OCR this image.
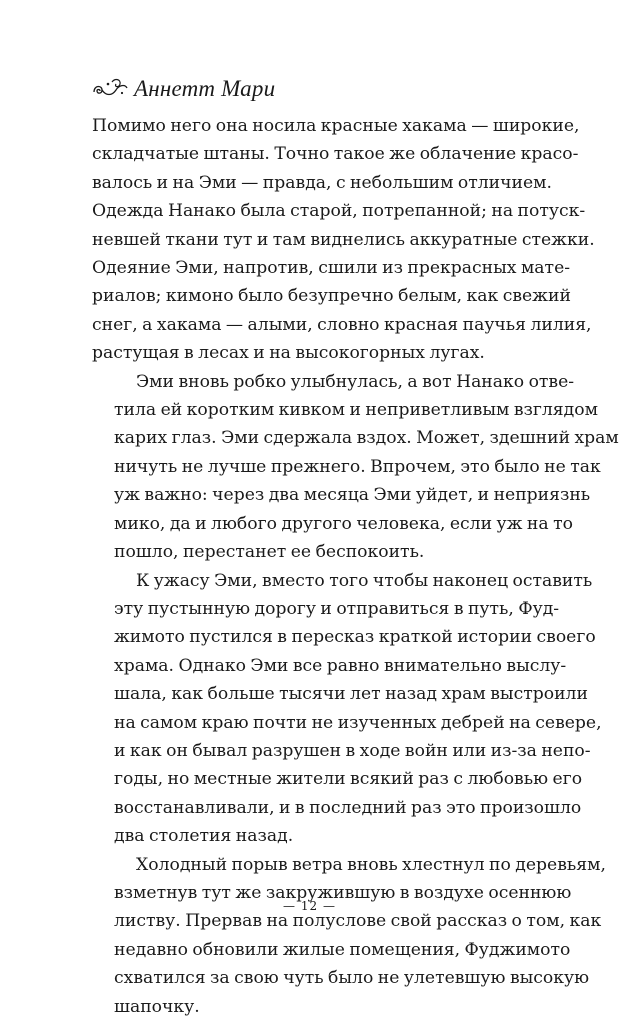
Аннетт Мари
Помимо него она носила красные хакама — широкие,
складчатые штаны. Точно такое же облачение красо-
валось и на Эми — правда, с небольшим отличием.
Одежда Нанако была старой, потрепанной; на потуск-
невшей ткани тут и там виднелись аккуратные стежки.
Одеяние Эми, напротив, сшили из прекрасных мате-
риалов; кимоно было безупречно белым, как свежий
снег, а хакама — алыми, словно красная паучья лилия,
растущая в лесах и на высокогорных лугах.
Эми вновь робко улыбнулась, а вот Нанако отве-
тила ей коротким кивком и неприветливым взглядом
карих глаз. Эми сдержала вздох. Может, здешний храм
ничуть не лучше прежнего. Впрочем, это было не так
уж важно: через два месяца Эми уйдет, и неприязнь
мико, да и любого другого человека, если уж на то
пошло, перестанет ее беспокоить.
К ужасу Эми, вместо того чтобы наконец оставить
эту пустынную дорогу и отправиться в путь, Фуд-
жимото пустился в пересказ краткой истории своего
храма. Однако Эми все равно внимательно выслу-
шала, как больше тысячи лет назад храм выстроили
на самом краю почти не изученных дебрей на севере,
и как он бывал разрушен в ходе войн или из-за непо-
годы, но местные жители всякий раз с любовью его
восстанавливали, и в последний раз это произошло
два столетия назад.
Холодный порыв ветра вновь хлестнул по деревьям,
взметнув тут же закружившую в воздухе осеннюю
листву. Прервав на полуслове свой рассказ о том, как
недавно обновили жилые помещения, Фуджимото
схватился за свою чуть было не улетевшую высокую
шапочку.
— 12 —
